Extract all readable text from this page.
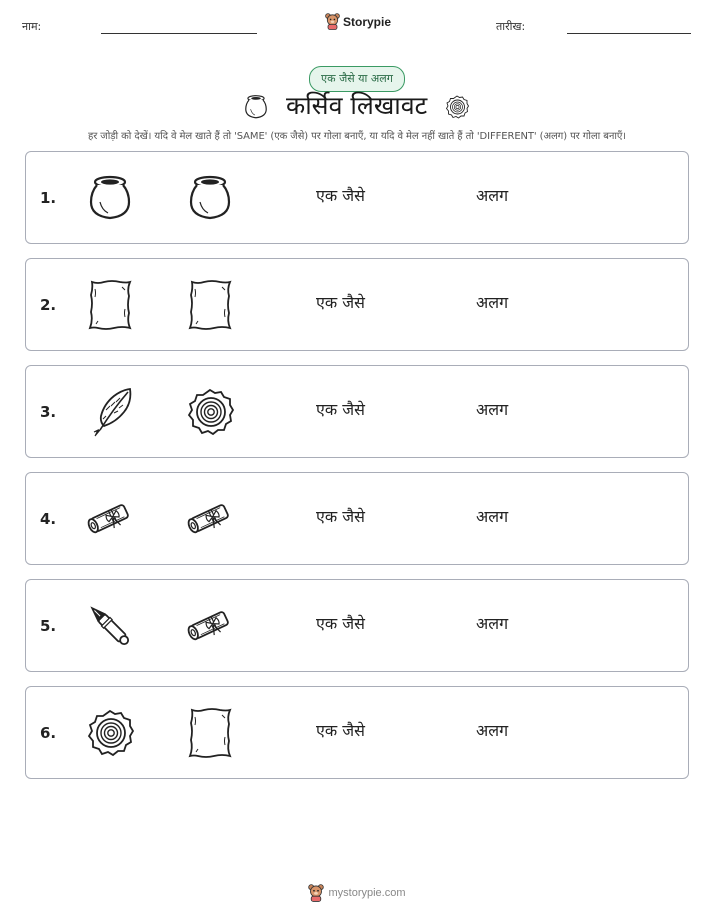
नाम:	Storypie	तारीख:
एक जैसे या अलग
कर्सिव लिखावट
हर जोड़ी को देखें। यदि वे मेल खाते हैं तो 'SAME' (एक जैसे) पर गोला बनाएँ, या यदि वे मेल नहीं खाते हैं तो 'DIFFERENT' (अलग) पर गोला बनाएँ।
1.	एक जैसे	अलग
2.	एक जैसे	अलग
3.	एक जैसे	अलग
4.	एक जैसे	अलग
5.	एक जैसे	अलग
6.	एक जैसे	अलग
mystorypie.com
